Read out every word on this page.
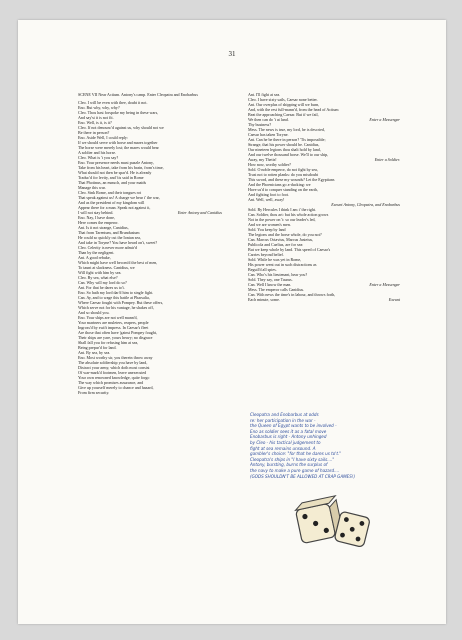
31
SCENE VII Near Actium. Antony's camp. Enter Cleopatra and Enobarbus
Cleo. I will be even with thee, doubt it not.
Eno. But why, why, why?
Cleo. Thou hast forspoke my being in these wars,
And say'st it is not fit.
Eno. Well, is it, is it?
Cleo. If not denounc'd against us, why should not we
Be there in person?
Eno. Aside Well, I could reply:
If we should serve with horse and mares together
The horse were merely lost; the mares would bear
A soldier and his horse.
Cleo. What is 't you say?
Eno. Your presence needs must puzzle Antony,
Take from his heart, take from his brain, from's time,
What should not then be spar'd. He is already
Traduc'd for levity, and 'tis said in Rome
That Photinus, an eunuch, and your maids
Manage this war.
Cleo. Sink Rome, and their tongues rot
That speak against us! A charge we bear i' the war,
And as the president of my kingdom will
Appear there for a man. Speak not against it,
I will not stay behind.	Enter Antony and Canidius
Eno. Nay, I have done,
Here comes the emperor.
Ant. Is it not strange, Canidius,
That from Tarentum, and Brundusium
He could so quickly cut the Ionian sea,
And take in Toryne? You have heard on't, sweet?
Cleo. Celerity is never more admir'd
Than by the negligent.
Ant. A good rebuke,
Which might have well becom'd the best of men,
To taunt at slackness. Canidius, we
Will fight with him by sea.
Cleo. By sea, what else?
Can. Why will my lord do so?
Ant. For that he dares us to't.
Eno. So hath my lord dar'd him to single fight.
Can. Ay, and to wage this battle at Pharsalia,
Where Caesar fought with Pompey. But these offers,
Which serve not for his vantage, he shakes off,
And so should you.
Eno. Your ships are not well mann'd,
Your mariners are muleters, reapers, people
Ingross'd by swift impress. In Caesar's fleet
Are those that often have 'gainst Pompey fought,
Their ships are yare, yours heavy; no disgrace
Shall fall you for refusing him at sea,
Being prepar'd for land.
Ant. By sea, by sea.
Eno. Most worthy sir, you therein throw away
The absolute soldiership you have by land,
Distract your army, which doth most consist
Of war-mark'd footmen, leave unexecuted
Your own renowned knowledge, quite forgo
The way which promises assurance, and
Give up yourself merely to chance and hazard,
From firm security.
Ant. I'll fight at sea.
Cleo. I have sixty sails, Caesar none better.
Ant. Our overplus of shipping will we burn,
And, with the rest full-mann'd, from the head of Actium
Beat the approaching Caesar. But if we fail,
We then can do 't at land.	Enter a Messenger
Thy business?
Mess. The news is true, my lord, he is descried,
Caesar has taken Toryne.
Ant. Can he be there in person? 'Tis impossible;
Strange, that his power should be. Canidius,
Our nineteen legions thou shalt hold by land,
And our twelve thousand horse. We'll to our ship,
Away, my Thetis!	Enter a Soldier.
How now, worthy soldier?
Sold. O noble emperor, do not fight by sea,
Trust not to rotten planks: do you misdoubt
This sword, and these my wounds? Let the Egyptians
And the Phoenicians go a-ducking: we
Have us'd to conquer standing on the earth,
And fighting foot to foot.
Ant. Well, well, away!
Exeunt Antony, Cleopatra, and Enobarbus
Sold. By Hercules I think I am i' the right.
Can. Soldier, thou art: but his whole action grows
Not in the power on 't: so our leader's led,
And we are women's men.
Sold. You keep by land
The legions and the horse whole, do you not?
Can. Marcus Octavius, Marcus Justeius,
Publicola and Caelius, are for sea:
But we keep whole by land. This speed of Caesar's
Carries beyond belief.
Sold. While he was yet in Rome,
His power went out in such distractions as
Beguil'd all spies.
Can. Who's his lieutenant, hear you?
Sold. They say, one Taurus.
Can. Well I know the man.	Enter a Messenger
Mess. The emperor calls Canidius.
Can. With news the time's in labour, and throws forth,
Each minute, some.	Exeunt
Cleopatra and Enobarbus at odds
re: her participation in the war -
the Queen of Egypt wants to be involved -
Eno as soldier sees it as a fatal move
Enobarbus is right - Antony unhinged
by Cleo - his tactical judgement to
fight at sea remains unsound. A
gambler's choice: "for that he dares us to't."
Cleopatra's ships in "I have sixty sails...."
Antony, bursting, burns the surplus of
the navy to make a pure game of hazard....
(GODS SHOULDN'T BE ALLOWED AT CRAP GAMES!)
